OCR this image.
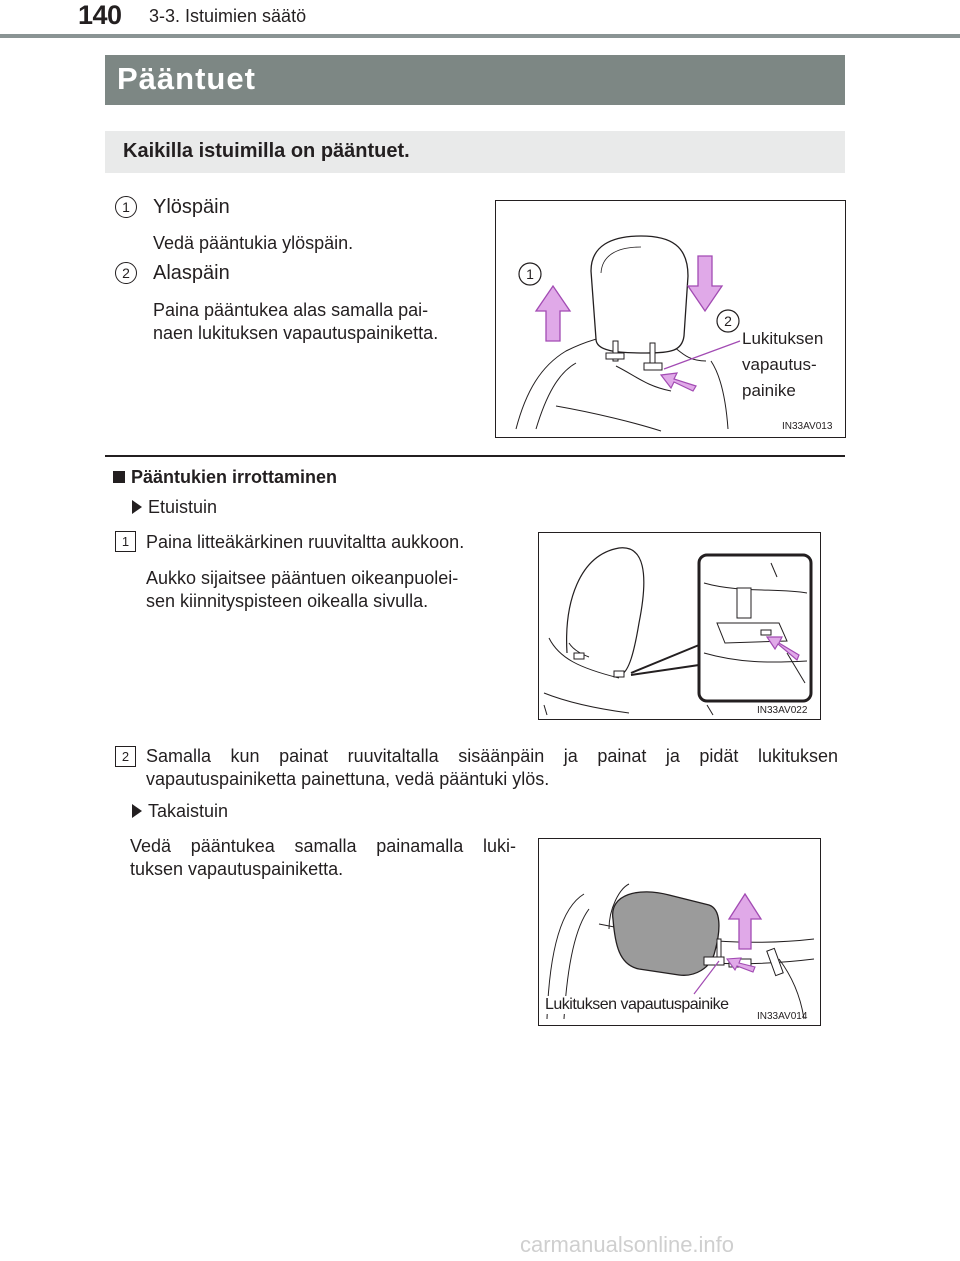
140 3-3. Istuimien säätö
Pääntuet
Kaikilla istuimilla on pääntuet.
1	Ylöspäin
Vedä pääntukia ylöspäin.
2	Alaspäin
Paina pääntukea alas samalla pai-
naen lukituksen vapautuspainiketta.
1
2
Lukituksen
vapautus-
painike
IN33AV013
Pääntukien irrottaminen
Etuistuin
1 Paina litteäkärkinen ruuvitaltta aukkoon.
Aukko sijaitsee pääntuen oikeanpuolei-
sen kiinnityspisteen oikealla sivulla.
IN33AV022
2 Samalla kun painat ruuvitaltalla sisäänpäin ja painat ja pidät lukituksen
vapautuspainiketta painettuna, vedä pääntuki ylös.
Takaistuin
Vedä pääntukea samalla painamalla luki-
tuksen vapautuspainiketta.
Lukituksen vapautuspainike
IN33AV014
carmanualsonline.info
